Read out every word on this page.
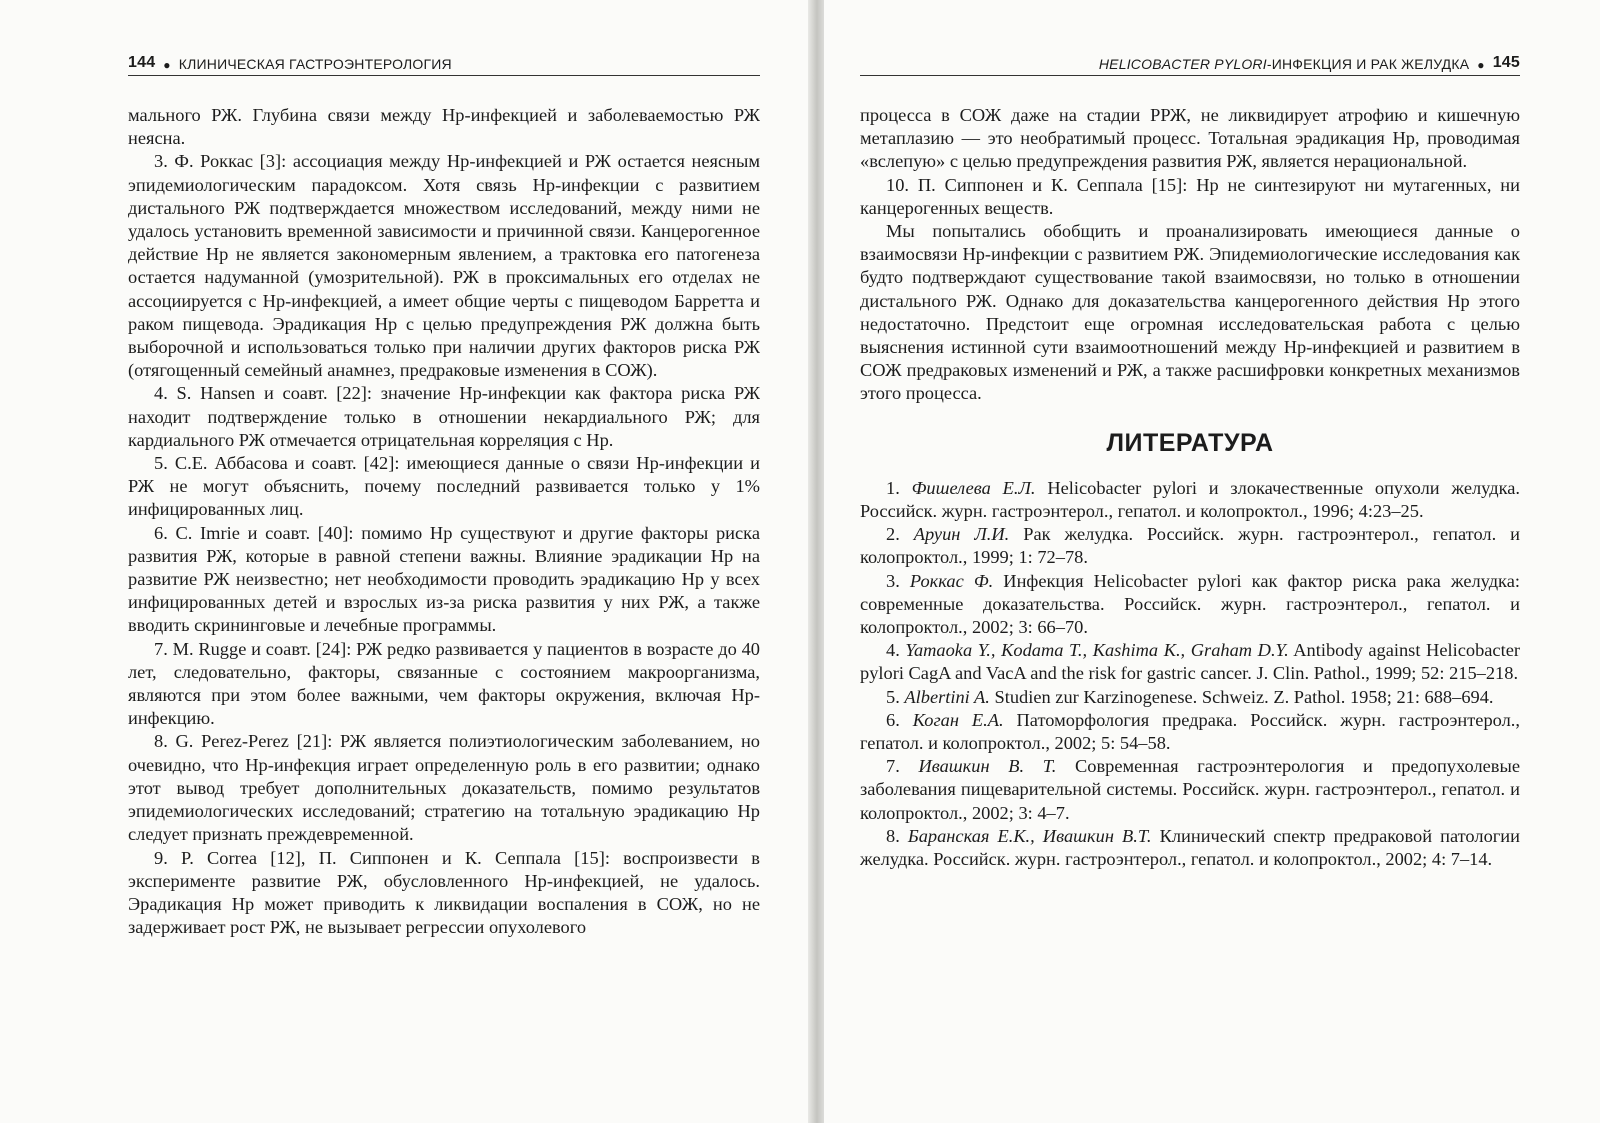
144 ● КЛИНИЧЕСКАЯ ГАСТРОЭНТЕРОЛОГИЯ

мального РЖ. Глубина связи между Нр-инфекцией и заболеваемостью РЖ неясна.

3. Ф. Роккас [3]: ассоциация между Нр-инфекцией и РЖ остается неясным эпидемиологическим парадоксом. Хотя связь Нр-инфекции с развитием дистального РЖ подтверждается множеством исследований, между ними не удалось установить временной зависимости и причинной связи. Канцерогенное действие Нр не является закономерным явлением, а трактовка его патогенеза остается надуманной (умозрительной). РЖ в проксимальных его отделах не ассоциируется с Нр-инфекцией, а имеет общие черты с пищеводом Барретта и раком пищевода. Эрадикация Нр с целью предупреждения РЖ должна быть выборочной и использоваться только при наличии других факторов риска РЖ (отягощенный семейный анамнез, предраковые изменения в СОЖ).

4. S. Hansen и соавт. [22]: значение Нр-инфекции как фактора риска РЖ находит подтверждение только в отношении некардиального РЖ; для кардиального РЖ отмечается отрицательная корреляция с Нр.

5. С.Е. Аббасова и соавт. [42]: имеющиеся данные о связи Нр-инфекции и РЖ не могут объяснить, почему последний развивается только у 1% инфицированных лиц.

6. С. Imrie и соавт. [40]: помимо Нр существуют и другие факторы риска развития РЖ, которые в равной степени важны. Влияние эрадикации Нр на развитие РЖ неизвестно; нет необходимости проводить эрадикацию Нр у всех инфицированных детей и взрослых из-за риска развития у них РЖ, а также вводить скрининговые и лечебные программы.

7. M. Rugge и соавт. [24]: РЖ редко развивается у пациентов в возрасте до 40 лет, следовательно, факторы, связанные с состоянием макроорганизма, являются при этом более важными, чем факторы окружения, включая Нр-инфекцию.

8. G. Perez-Perez [21]: РЖ является полиэтиологическим заболеванием, но очевидно, что Нр-инфекция играет определенную роль в его развитии; однако этот вывод требует дополнительных доказательств, помимо результатов эпидемиологических исследований; стратегию на тотальную эрадикацию Нр следует признать преждевременной.

9. P. Correa [12], П. Сиппонен и К. Сеппала [15]: воспроизвести в эксперименте развитие РЖ, обусловленного Нр-инфекцией, не удалось. Эрадикация Нр может приводить к ликвидации воспаления в СОЖ, но не задерживает рост РЖ, не вызывает регрессии опухолевого

HELICOBACTER PYLORI -ИНФЕКЦИЯ И РАК ЖЕЛУДКА ● 145

процесса в СОЖ даже на стадии РРЖ, не ликвидирует атрофию и кишечную метаплазию — это необратимый процесс. Тотальная эрадикация Нр, проводимая «вслепую» с целью предупреждения развития РЖ, является нерациональной.

10. П. Сиппонен и К. Сеппала [15]: Нр не синтезируют ни мутагенных, ни канцерогенных веществ.

Мы попытались обобщить и проанализировать имеющиеся данные о взаимосвязи Нр-инфекции с развитием РЖ. Эпидемиологические исследования как будто подтверждают существование такой взаимосвязи, но только в отношении дистального РЖ. Однако для доказательства канцерогенного действия Нр этого недостаточно. Предстоит еще огромная исследовательская работа с целью выяснения истинной сути взаимоотношений между Нр-инфекцией и развитием в СОЖ предраковых изменений и РЖ, а также расшифровки конкретных механизмов этого процесса.

ЛИТЕРАТУРА

1. Фишелева Е.Л. Helicobacter pylori и злокачественные опухоли желудка. Российск. журн. гастроэнтерол., гепатол. и колопроктол., 1996; 4:23–25.

2. Аруин Л.И. Рак желудка. Российск. журн. гастроэнтерол., гепатол. и колопроктол., 1999; 1: 72–78.

3. Роккас Ф. Инфекция Helicobacter pylori как фактор риска рака желудка: современные доказательства. Российск. журн. гастроэнтерол., гепатол. и колопроктол., 2002; 3: 66–70.

4. Yamaoka Y., Kodama T., Kashima K., Graham D.Y. Antibody against Helicobacter pylori CagA and VacA and the risk for gastric cancer. J. Clin. Pathol., 1999; 52: 215–218.

5. Albertini A. Studien zur Karzinogenese. Schweiz. Z. Pathol. 1958; 21: 688–694.

6. Коган Е.А. Патоморфология предрака. Российск. журн. гастроэнтерол., гепатол. и колопроктол., 2002; 5: 54–58.

7. Ивашкин В. Т. Современная гастроэнтерология и предопухолевые заболевания пищеварительной системы. Российск. журн. гастроэнтерол., гепатол. и колопроктол., 2002; 3: 4–7.

8. Баранская Е.К., Ивашкин В.Т. Клинический спектр предраковой патологии желудка. Российск. журн. гастроэнтерол., гепатол. и колопроктол., 2002; 4: 7–14.
